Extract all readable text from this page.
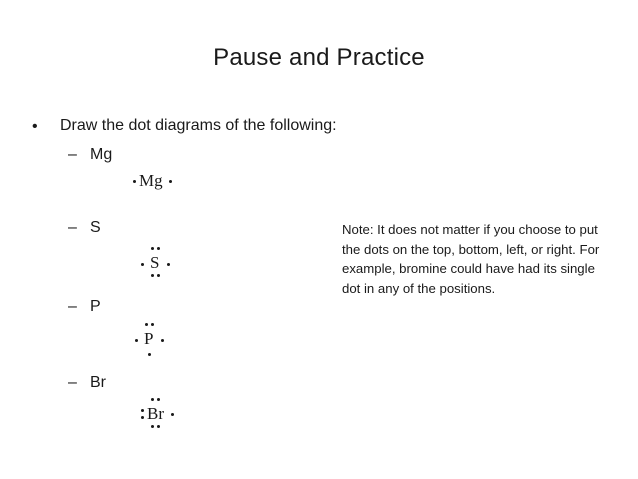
Pause and Practice
• Draw the dot diagrams of the following:
– Mg
Mg
– S
S
– P
P
– Br
Br
Note: It does not matter if you choose to put the dots on the top, bottom, left, or right. For example, bromine could have had its single dot in any of the positions.
